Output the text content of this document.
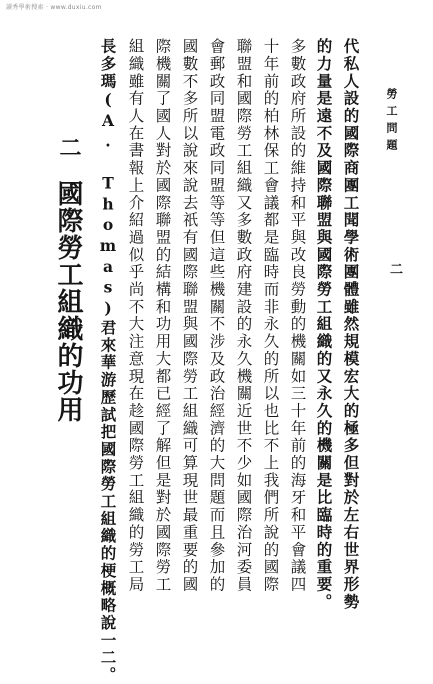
讀秀學術搜索 · www.duxiu.com
勞工問題
二
代私人設的國際商團工聞學術團體雖然規模宏大的極多但對於左右世界形勢
的力量是遠不及國際聯盟與國際勞工組織的又永久的機關是比臨時的重要。
多數政府所設的維持和平與改良勞動的機關如三十年前的海牙和平會議四
十年前的柏林保工會議都是臨時而非永久的所以也比不上我們所說的國際
聯盟和國際勞工組織又多數政府建設的永久機關近世不少如國際治河委員
會郵政同盟電政同盟等等但這些機關不涉及政治經濟的大問題而且參加的
國數不多所以說來說去祇有國際聯盟與國際勞工組織可算現世最重要的國
際機關了國人對於國際聯盟的結構和功用大都已經了解但是對於國際勞工
組織雖有人在書報上介紹過似乎尚不大注意現在趁國際勞工組織的勞工局
長多瑪(A. Thomas)君來華游歷試把國際勞工組織的梗概略說一二。
二
國際勞工組織的功用
